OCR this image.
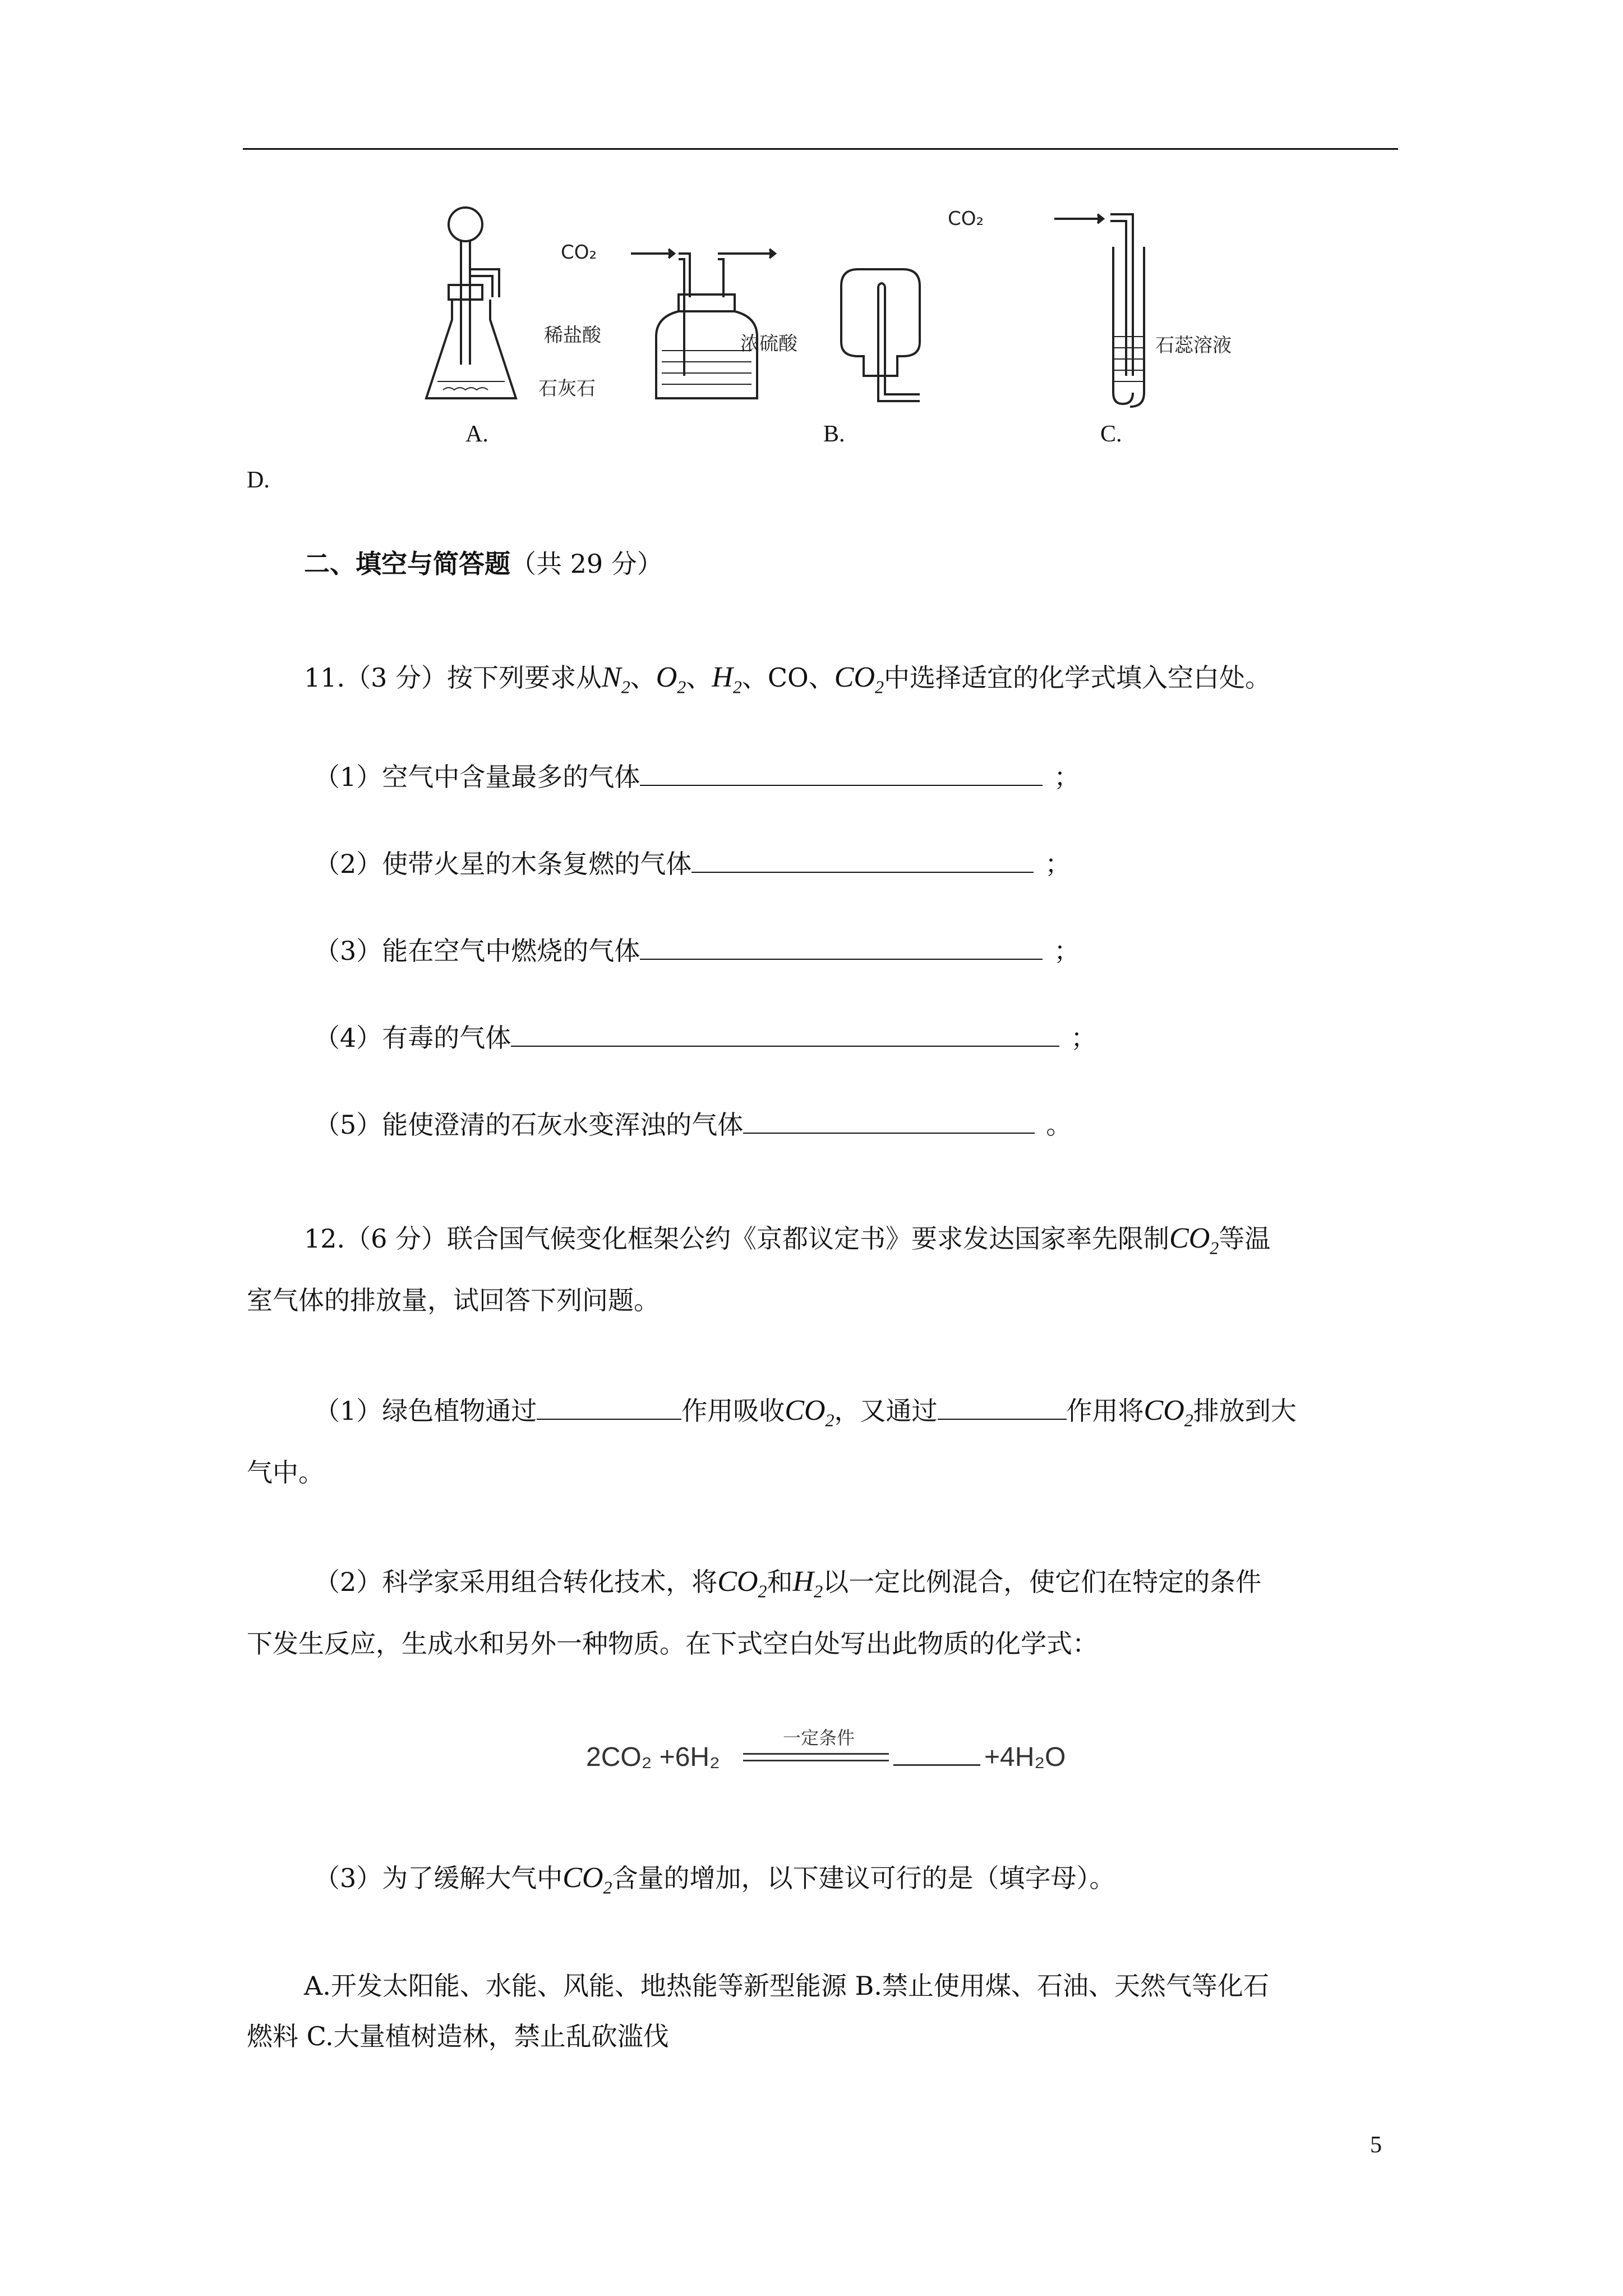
稀盐酸
石灰石
CO₂
浓硫酸
CO₂
石蕊溶液
A.	B.	C.
D.
二、填空与简答题（共 29 分）
11.（3 分）按下列要求从$N_2$、$O_2$、$H_2$、CO、$CO_2$中选择适宜的化学式填入空白处。
（1）空气中含量最多的气体	；
（2）使带火星的木条复燃的气体	；
（3）能在空气中燃烧的气体	；
（4）有毒的气体	；
（5）能使澄清的石灰水变浑浊的气体	。
12.（6 分）联合国气候变化框架公约《京都议定书》要求发达国家率先限制$CO_2$等温
室气体的排放量，试回答下列问题。
（1）绿色植物通过	作用吸收$CO_2$，又通过	作用将$CO_2$排放到大
气中。
（2）科学家采用组合转化技术，将$CO_2$和$H_2$以一定比例混合，使它们在特定的条件
下发生反应，生成水和另外一种物质。在下式空白处写出此物质的化学式：
2CO₂ +6H₂
一定条件
+4H₂O
（3）为了缓解大气中$CO_2$含量的增加，以下建议可行的是（填字母）。
A.开发太阳能、水能、风能、地热能等新型能源 B.禁止使用煤、石油、天然气等化石
燃料 C.大量植树造林，禁止乱砍滥伐
5
